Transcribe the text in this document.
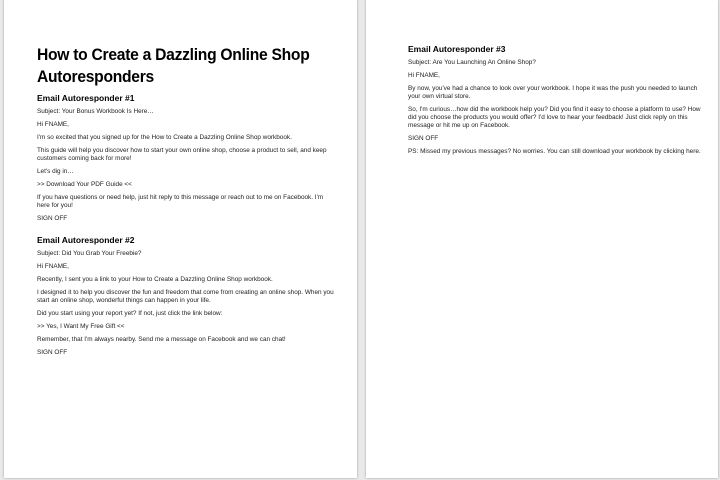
How to Create a Dazzling Online Shop Autoresponders
Email Autoresponder #1

Subject: Your Bonus Workbook Is Here…

Hi FNAME,

I'm so excited that you signed up for the How to Create a Dazzling Online Shop workbook.

This guide will help you discover how to start your own online shop, choose a product to sell, and keep customers coming back for more!

Let's dig in…

>> Download Your PDF Guide <<

If you have questions or need help, just hit reply to this message or reach out to me on Facebook. I'm here for you!

SIGN OFF

Email Autoresponder #2

Subject: Did You Grab Your Freebie?

Hi FNAME,

Recently, I sent you a link to your How to Create a Dazzling Online Shop workbook.

I designed it to help you discover the fun and freedom that come from creating an online shop. When you start an online shop, wonderful things can happen in your life.

Did you start using your report yet? If not, just click the link below:

>> Yes, I Want My Free Gift <<

Remember, that I'm always nearby. Send me a message on Facebook and we can chat!

SIGN OFF

Email Autoresponder #3

Subject: Are You Launching An Online Shop?

Hi FNAME,

By now, you've had a chance to look over your workbook. I hope it was the push you needed to launch your own virtual store.

So, I'm curious…how did the workbook help you? Did you find it easy to choose a platform to use? How did you choose the products you would offer? I'd love to hear your feedback! Just click reply on this message or hit me up on Facebook.

SIGN OFF

PS: Missed my previous messages? No worries. You can still download your workbook by clicking here.
